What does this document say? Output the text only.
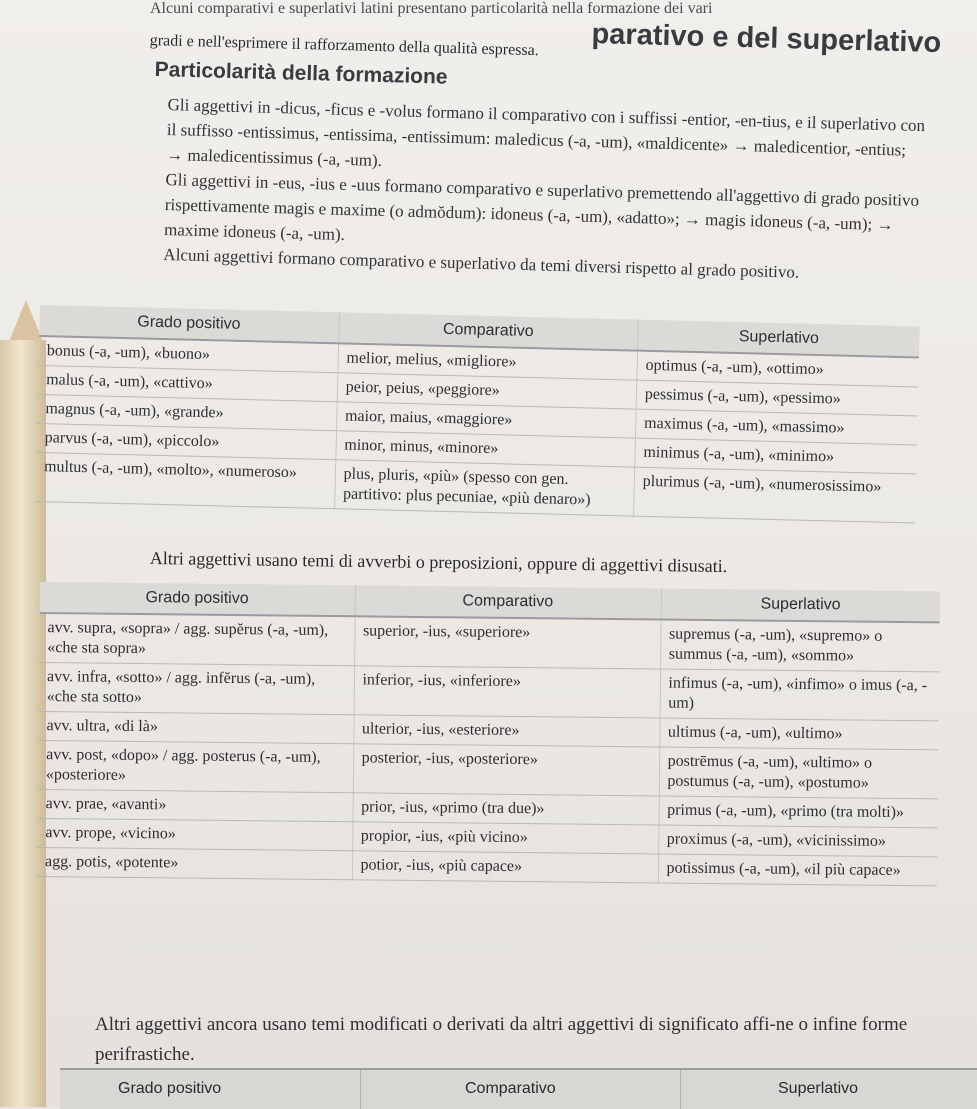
Alcuni comparativi e superlativi latini presentano particolarità nella formazione dei vari
parativo e del superlativo
gradi e nell'esprimere il rafforzamento della qualità espressa.
Particolarità della formazione

Gli aggettivi in -dicus, -ficus e -volus formano il comparativo con i suffissi -entior, -en-tius, e il superlativo con il suffisso -entissimus, -entissima, -entissimum: maledicus (-a, -um), «maldicente» → maledicentior, -entius; → maledicentissimus (-a, -um).

Gli aggettivi in -eus, -ius e -uus formano comparativo e superlativo premettendo all'aggettivo di grado positivo rispettivamente magis e maxime (o admŏdum): idoneus (-a, -um), «adatto»; → magis idoneus (-a, -um); → maxime idoneus (-a, -um).

Alcuni aggettivi formano comparativo e superlativo da temi diversi rispetto al grado positivo.

Grado positivo	Comparativo	Superlativo
bonus (-a, -um), «buono»	melior, melius, «migliore»	optimus (-a, -um), «ottimo»
malus (-a, -um), «cattivo»	peior, peius, «peggiore»	pessimus (-a, -um), «pessimo»
magnus (-a, -um), «grande»	maior, maius, «maggiore»	maximus (-a, -um), «massimo»
parvus (-a, -um), «piccolo»	minor, minus, «minore»	minimus (-a, -um), «minimo»
multus (-a, -um), «molto», «numeroso»	plus, pluris, «più» (spesso con gen. partitivo: plus pecuniae, «più denaro»)	plurimus (-a, -um), «numerosissimo»
Altri aggettivi usano temi di avverbi o preposizioni, oppure di aggettivi disusati.
Grado positivo	Comparativo	Superlativo
avv. supra, «sopra» / agg. supĕrus (-a, -um), «che sta sopra»	superior, -ius, «superiore»	supremus (-a, -um), «supremo» o summus (-a, -um), «sommo»
avv. infra, «sotto» / agg. infĕrus (-a, -um), «che sta sotto»	inferior, -ius, «inferiore»	infimus (-a, -um), «infimo» o imus (-a, -um)
avv. ultra, «di là»	ulterior, -ius, «esteriore»	ultimus (-a, -um), «ultimo»
avv. post, «dopo» / agg. posterus (-a, -um), «posteriore»	posterior, -ius, «posteriore»	postrēmus (-a, -um), «ultimo» o postumus (-a, -um), «postumo»
avv. prae, «avanti»	prior, -ius, «primo (tra due)»	primus (-a, -um), «primo (tra molti)»
avv. prope, «vicino»	propior, -ius, «più vicino»	proximus (-a, -um), «vicinissimo»
agg. potis, «potente»	potior, -ius, «più capace»	potissimus (-a, -um), «il più capace»
Altri aggettivi ancora usano temi modificati o derivati da altri aggettivi di significato affi-ne o infine forme perifrastiche.
Grado positivo	Comparativo	Superlativo
